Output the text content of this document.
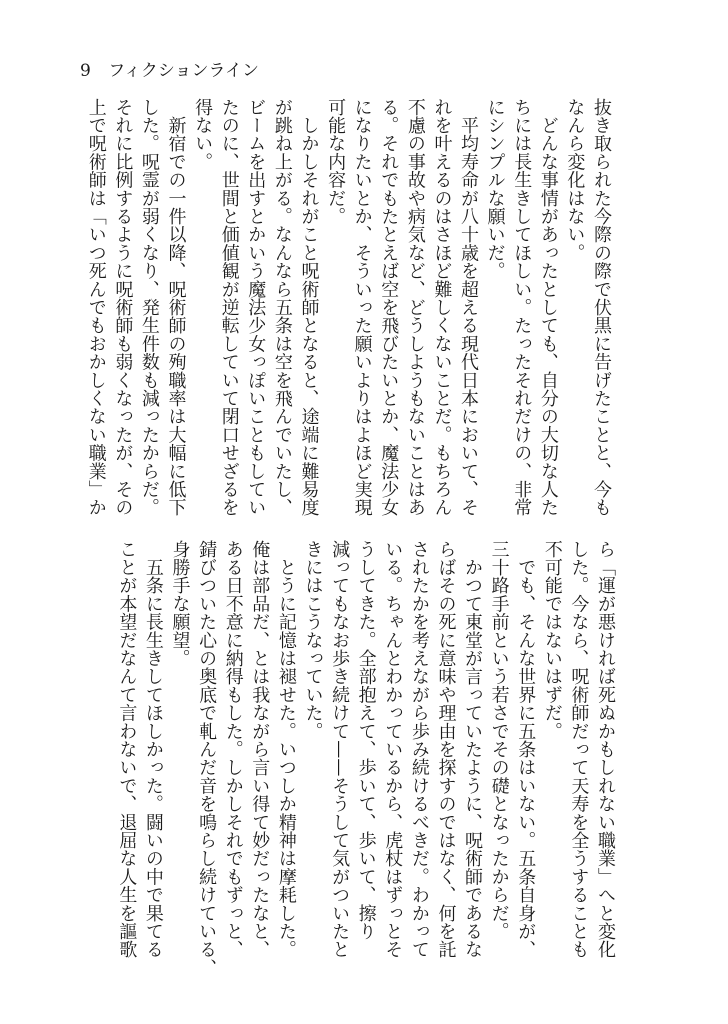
9 フィクションライン
抜き取られた今際の際で伏黒に告げたことと、今も
なんら変化はない。
　どんな事情があったとしても、自分の大切な人た
ちには長生きしてほしい。たったそれだけの、非常
にシンプルな願いだ。
　平均寿命が八十歳を超える現代日本において、そ
れを叶えるのはさほど難しくないことだ。もちろん
不慮の事故や病気など、どうしようもないことはあ
る。それでもたとえば空を飛びたいとか、魔法少女
になりたいとか、そういった願いよりはよほど実現
可能な内容だ。
　しかしそれがこと呪術師となると、途端に難易度
が跳ね上がる。なんなら五条は空を飛んでいたし、
ビームを出すとかいう魔法少女っぽいこともしてい
たのに、世間と価値観が逆転していて閉口せざるを
得ない。
　新宿での一件以降、呪術師の殉職率は大幅に低下
した。呪霊が弱くなり、発生件数も減ったからだ。
それに比例するように呪術師も弱くなったが、その
上で呪術師は「いつ死んでもおかしくない職業」か
ら「運が悪ければ死ぬかもしれない職業」へと変化
した。今なら、呪術師だって天寿を全うすることも
不可能ではないはずだ。
　でも、そんな世界に五条はいない。五条自身が、
三十路手前という若さでその礎となったからだ。
　かつて東堂が言っていたように、呪術師であるな
らばその死に意味や理由を探すのではなく、何を託
されたかを考えながら歩み続けるべきだ。わかって
いる。ちゃんとわかっているから、虎杖はずっとそ
うしてきた。全部抱えて、歩いて、歩いて、擦り
減ってもなお歩き続けて——そうして気がついたと
きにはこうなっていた。
　とうに記憶は褪せた。いつしか精神は摩耗した。
俺は部品だ、とは我ながら言い得て妙だったなと、
ある日不意に納得もした。しかしそれでもずっと、
錆びついた心の奥底で軋んだ音を鳴らし続けている、
身勝手な願望。
　五条に長生きしてほしかった。闘いの中で果てる
ことが本望だなんて言わないで、退屈な人生を謳歌
